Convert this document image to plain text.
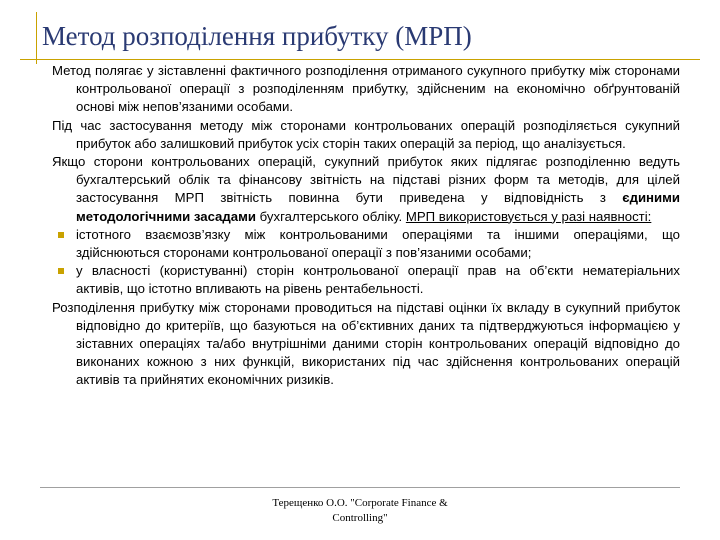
Метод розподілення прибутку (МРП)

Метод полягає у зіставленні фактичного розподілення отриманого сукупного прибутку між сторонами контрольованої операції з розподіленням прибутку, здійсненим на економічно обґрунтованій основі між непов’язаними особами.

Під час застосування методу між сторонами контрольованих операцій розподіляється сукупний прибуток або залишковий прибуток усіх сторін таких операцій за період, що аналізується.

Якщо сторони контрольованих операцій, сукупний прибуток яких підлягає розподіленню ведуть бухгалтерський облік та фінансову звітність на підставі різних форм та методів, для цілей застосування МРП звітність повинна бути приведена у відповідність з єдиними методологічними засадами бухгалтерського обліку. МРП використовується у разі наявності:

істотного взаємозв’язку між контрольованими операціями та іншими операціями, що здійснюються сторонами контрольованої операції з пов’язаними особами;

у власності (користуванні) сторін контрольованої операції прав на об’єкти нематеріальних активів, що істотно впливають на рівень рентабельності.

Розподілення прибутку між сторонами проводиться на підставі оцінки їх вкладу в сукупний прибуток відповідно до критеріїв, що базуються на об’єктивних даних та підтверджуються інформацією у зіставних операціях та/або внутрішніми даними сторін контрольованих операцій відповідно до виконаних кожною з них функцій, використаних під час здійснення контрольованих операцій активів та прийнятих економічних ризиків.

Терещенко О.О. "Corporate Finance &
Controlling"
